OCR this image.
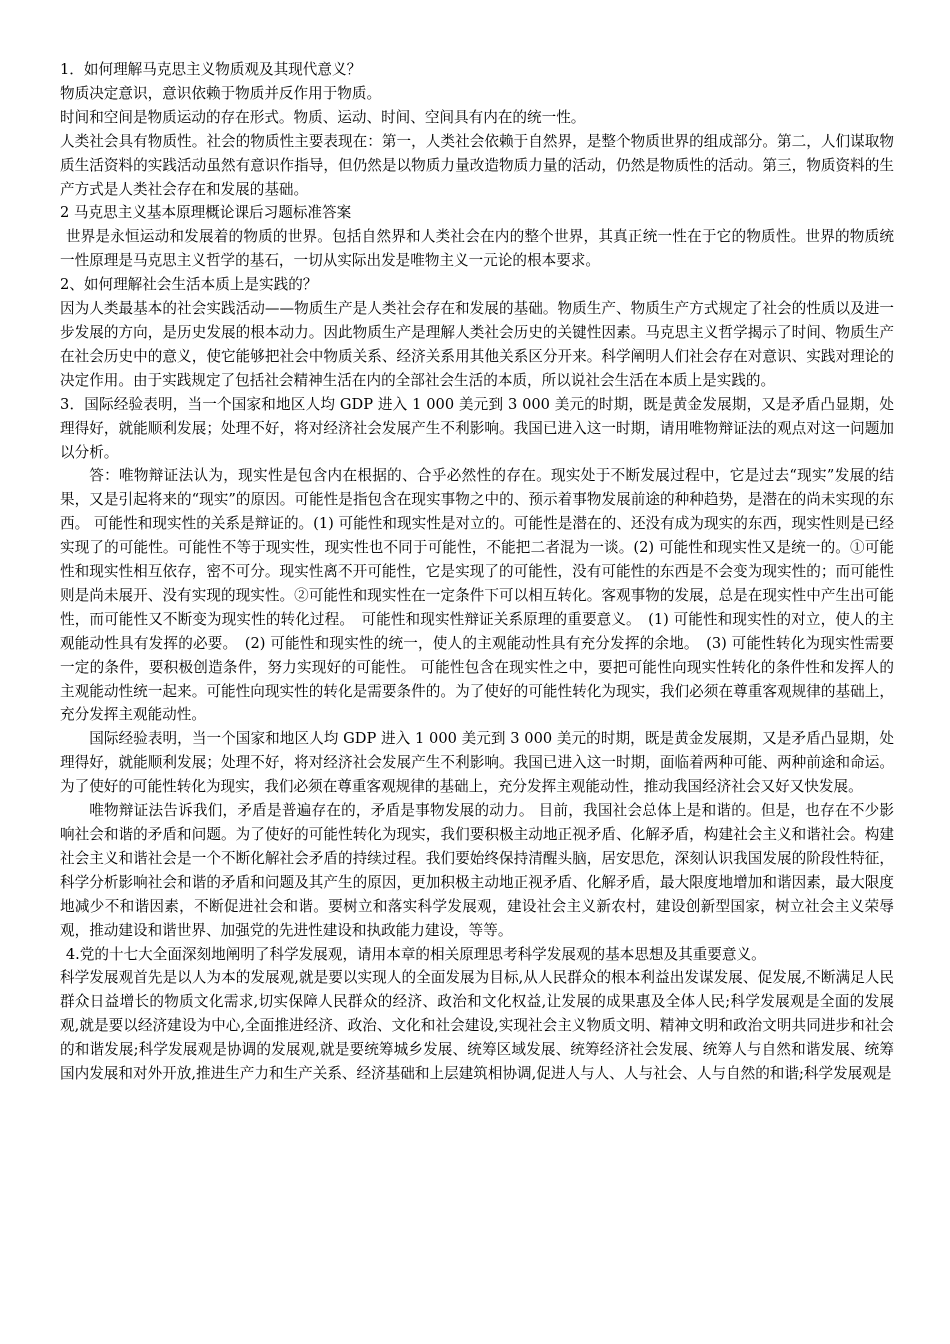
1．如何理解马克思主义物质观及其现代意义？

物质决定意识，意识依赖于物质并反作用于物质。

时间和空间是物质运动的存在形式。物质、运动、时间、空间具有内在的统一性。

人类社会具有物质性。社会的物质性主要表现在：第一，人类社会依赖于自然界，是整个物质世界的组成部分。第二，人们谋取物质生活资料的实践活动虽然有意识作指导，但仍然是以物质力量改造物质力量的活动，仍然是物质性的活动。第三，物质资料的生产方式是人类社会存在和发展的基础。

2 马克思主义基本原理概论课后习题标准答案

世界是永恒运动和发展着的物质的世界。包括自然界和人类社会在内的整个世界，其真正统一性在于它的物质性。世界的物质统一性原理是马克思主义哲学的基石，一切从实际出发是唯物主义一元论的根本要求。

2、如何理解社会生活本质上是实践的？

因为人类最基本的社会实践活动——物质生产是人类社会存在和发展的基础。物质生产、物质生产方式规定了社会的性质以及进一步发展的方向，是历史发展的根本动力。因此物质生产是理解人类社会历史的关键性因素。马克思主义哲学揭示了时间、物质生产在社会历史中的意义，使它能够把社会中物质关系、经济关系用其他关系区分开来。科学阐明人们社会存在对意识、实践对理论的决定作用。由于实践规定了包括社会精神生活在内的全部社会生活的本质，所以说社会生活在本质上是实践的。

3．国际经验表明，当一个国家和地区人均 GDP 进入 1 000 美元到 3 000 美元的时期，既是黄金发展期，又是矛盾凸显期，处理得好，就能顺利发展；处理不好，将对经济社会发展产生不利影响。我国已进入这一时期，请用唯物辩证法的观点对这一问题加以分析。

答：唯物辩证法认为，现实性是包含内在根据的、合乎必然性的存在。现实处于不断发展过程中，它是过去“现实”发展的结果，又是引起将来的“现实”的原因。可能性是指包含在现实事物之中的、预示着事物发展前途的种种趋势，是潜在的尚未实现的东西。 可能性和现实性的关系是辩证的。(1) 可能性和现实性是对立的。可能性是潜在的、还没有成为现实的东西，现实性则是已经实现了的可能性。可能性不等于现实性，现实性也不同于可能性，不能把二者混为一谈。(2) 可能性和现实性又是统一的。①可能性和现实性相互依存，密不可分。现实性离不开可能性，它是实现了的可能性，没有可能性的东西是不会变为现实性的；而可能性则是尚未展开、没有实现的现实性。②可能性和现实性在一定条件下可以相互转化。客观事物的发展，总是在现实性中产生出可能性，而可能性又不断变为现实性的转化过程。　可能性和现实性辩证关系原理的重要意义。　(1) 可能性和现实性的对立，使人的主观能动性具有发挥的必要。　(2) 可能性和现实性的统一，使人的主观能动性具有充分发挥的余地。　(3) 可能性转化为现实性需要一定的条件，要积极创造条件，努力实现好的可能性。 可能性包含在现实性之中，要把可能性向现实性转化的条件性和发挥人的主观能动性统一起来。可能性向现实性的转化是需要条件的。为了使好的可能性转化为现实，我们必须在尊重客观规律的基础上，充分发挥主观能动性。

国际经验表明，当一个国家和地区人均 GDP 进入 1 000 美元到 3 000 美元的时期，既是黄金发展期，又是矛盾凸显期，处理得好，就能顺利发展；处理不好，将对经济社会发展产生不利影响。我国已进入这一时期，面临着两种可能、两种前途和命运。为了使好的可能性转化为现实，我们必须在尊重客观规律的基础上，充分发挥主观能动性，推动我国经济社会又好又快发展。

唯物辩证法告诉我们，矛盾是普遍存在的，矛盾是事物发展的动力。 目前，我国社会总体上是和谐的。但是，也存在不少影响社会和谐的矛盾和问题。为了使好的可能性转化为现实，我们要积极主动地正视矛盾、化解矛盾，构建社会主义和谐社会。构建社会主义和谐社会是一个不断化解社会矛盾的持续过程。我们要始终保持清醒头脑，居安思危，深刻认识我国发展的阶段性特征，科学分析影响社会和谐的矛盾和问题及其产生的原因，更加积极主动地正视矛盾、化解矛盾，最大限度地增加和谐因素，最大限度地减少不和谐因素，不断促进社会和谐。要树立和落实科学发展观，建设社会主义新农村，建设创新型国家，树立社会主义荣辱观，推动建设和谐世界、加强党的先进性建设和执政能力建设，等等。

4.党的十七大全面深刻地阐明了科学发展观，请用本章的相关原理思考科学发展观的基本思想及其重要意义。

科学发展观首先是以人为本的发展观,就是要以实现人的全面发展为目标,从人民群众的根本利益出发谋发展、促发展,不断满足人民群众日益增长的物质文化需求,切实保障人民群众的经济、政治和文化权益,让发展的成果惠及全体人民;科学发展观是全面的发展观,就是要以经济建设为中心,全面推进经济、政治、文化和社会建设,实现社会主义物质文明、精神文明和政治文明共同进步和社会的和谐发展;科学发展观是协调的发展观,就是要统筹城乡发展、统筹区域发展、统筹经济社会发展、统筹人与自然和谐发展、统筹国内发展和对外开放,推进生产力和生产关系、经济基础和上层建筑相协调,促进人与人、人与社会、人与自然的和谐;科学发展观是
